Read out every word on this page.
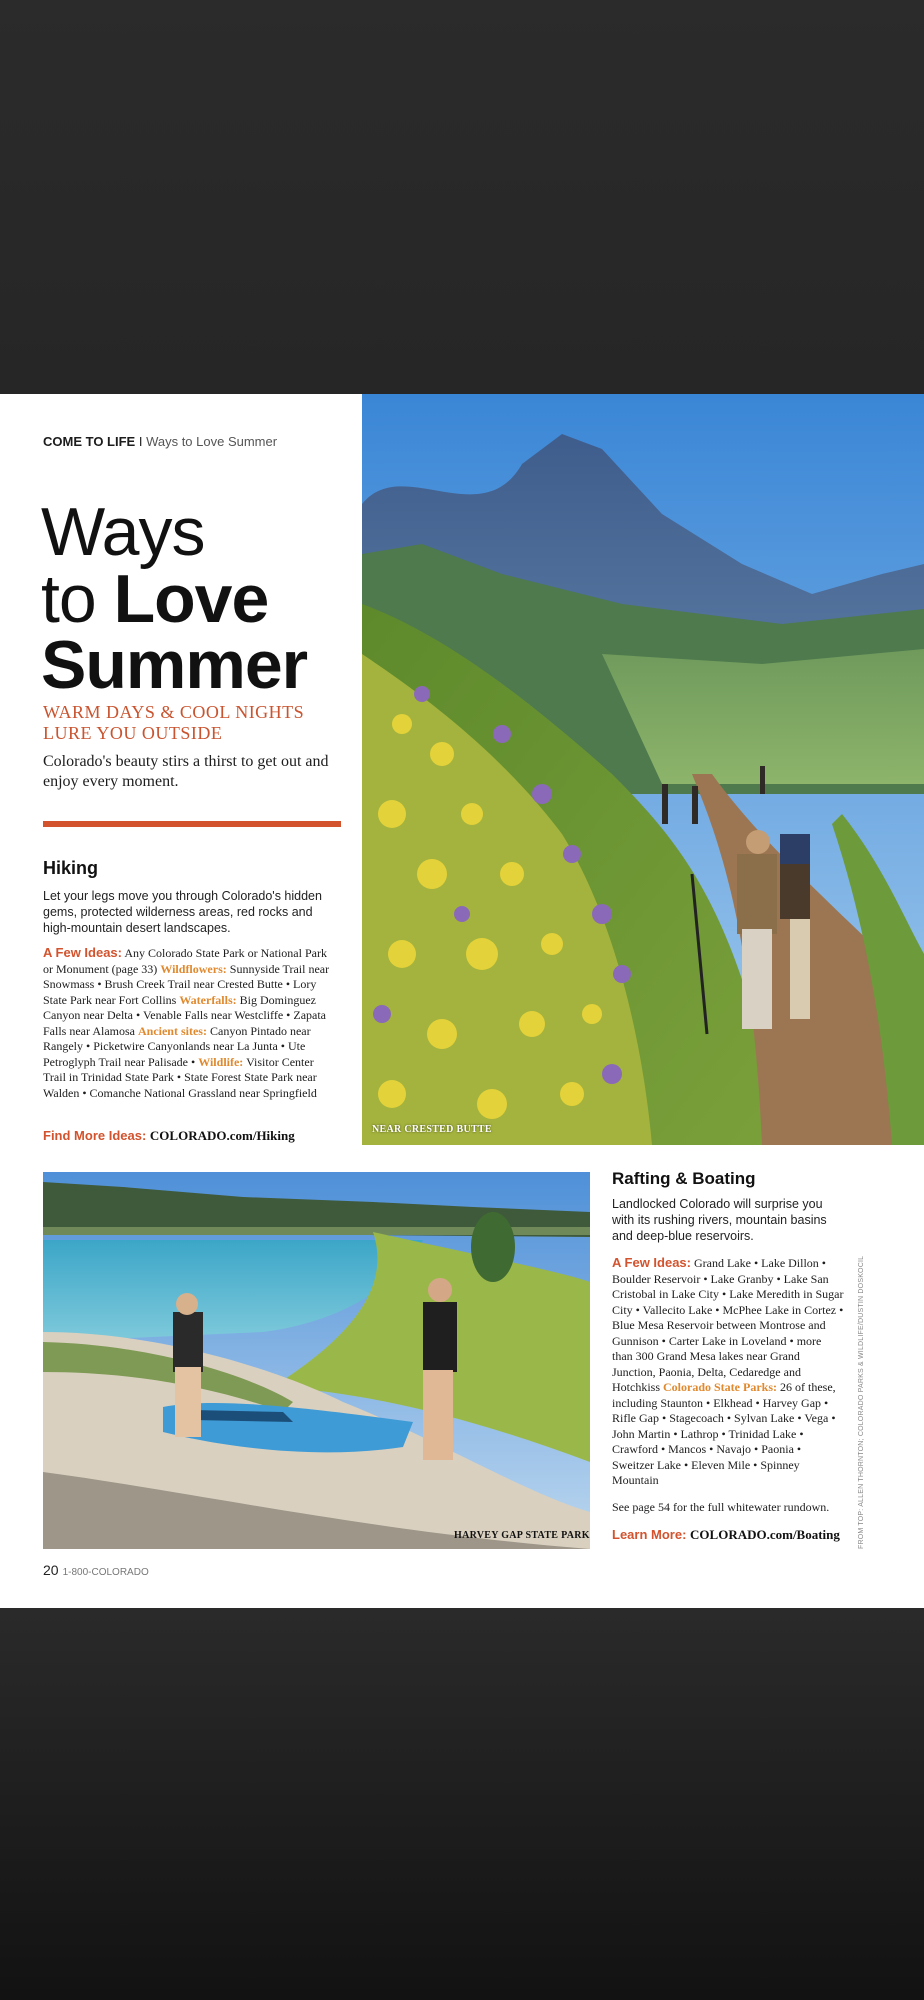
COME TO LIFE I Ways to Love Summer
Ways
to Love
Summer
WARM DAYS & COOL NIGHTS LURE YOU OUTSIDE
Colorado's beauty stirs a thirst to get out and enjoy every moment.
Hiking
Let your legs move you through Colorado's hidden gems, protected wilderness areas, red rocks and high-mountain desert landscapes.
A Few Ideas: Any Colorado State Park or National Park or Monument (page 33) Wildflowers: Sunnyside Trail near Snowmass • Brush Creek Trail near Crested Butte • Lory State Park near Fort Collins Waterfalls: Big Dominguez Canyon near Delta • Venable Falls near Westcliffe • Zapata Falls near Alamosa Ancient sites: Canyon Pintado near Rangely • Picketwire Canyonlands near La Junta • Ute Petroglyph Trail near Palisade • Wildlife: Visitor Center Trail in Trinidad State Park • State Forest State Park near Walden • Comanche National Grassland near Springfield
Find More Ideas: COLORADO.com/Hiking	NEAR CRESTED BUTTE
HARVEY GAP STATE PARK
Rafting & Boating
Landlocked Colorado will surprise you with its rushing rivers, mountain basins and deep-blue reservoirs.
A Few Ideas: Grand Lake • Lake Dillon • Boulder Reservoir • Lake Granby • Lake San Cristobal in Lake City • Lake Meredith in Sugar City • Vallecito Lake • McPhee Lake in Cortez • Blue Mesa Reservoir between Montrose and Gunnison • Carter Lake in Loveland • more than 300 Grand Mesa lakes near Grand Junction, Paonia, Delta, Cedaredge and Hotchkiss Colorado State Parks: 26 of these, including Staunton • Elkhead • Harvey Gap • Rifle Gap • Stagecoach • Sylvan Lake • Vega • John Martin • Lathrop • Trinidad Lake • Crawford • Mancos • Navajo • Paonia • Sweitzer Lake • Eleven Mile • Spinney Mountain
See page 54 for the full whitewater rundown.
Learn More: COLORADO.com/Boating	FROM TOP: ALLEN THORNTON; COLORADO PARKS & WILDLIFE/DUSTIN DOSKOCIL
20 1-800-COLORADO
